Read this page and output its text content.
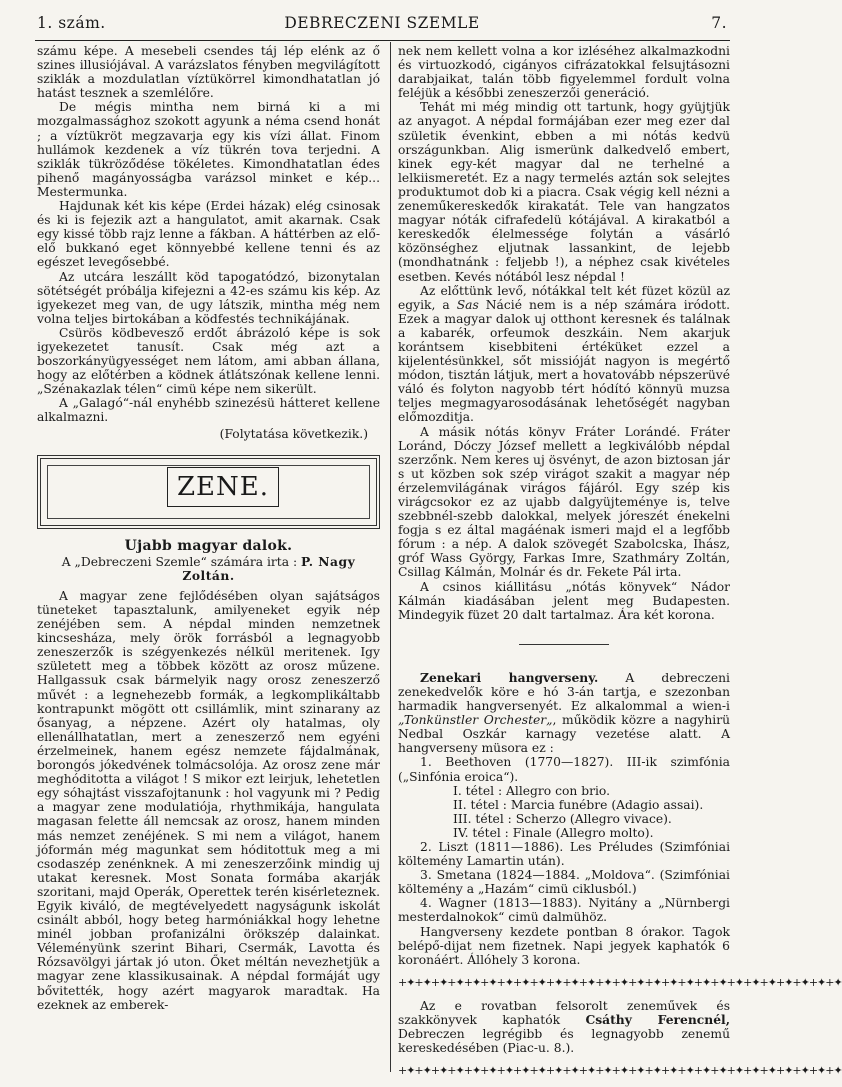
1. szám.	DEBRECZENI SZEMLE	7.

számu képe. A mesebeli csendes táj lép elénk az ő szines illusiójával. A varázslatos fényben megvilágított sziklák a mozdulatlan víztükörrel kimondhatatlan jó hatást tesznek a szemlélőre.

De mégis mintha nem birná ki a mi mozgalmassághoz szokott agyunk a néma csend honát ; a víztükröt megzavarja egy kis vízi állat. Finom hullámok kezdenek a víz tükrén tova terjedni. A sziklák tükröződése tökéletes. Kimondhatatlan édes pihenő magányosságba varázsol minket e kép... Mestermunka.

Hajdunak két kis képe (Erdei házak) elég csinosak és ki is fejezik azt a hangulatot, amit akarnak. Csak egy kissé több rajz lenne a fákban. A háttérben az elő-elő bukkanó eget könnyebbé kellene tenni és az egészet levegősebbé.

Az utcára leszállt köd tapogatódzó, bizonytalan sötétségét próbálja kifejezni a 42-es számu kis kép. Az igyekezet meg van, de ugy látszik, mintha még nem volna teljes birtokában a ködfestés technikájának.

Csürös ködbevesző erdőt ábrázoló képe is sok igyekezetet tanusít. Csak még azt a boszorkányügyességet nem látom, ami abban állana, hogy az előtérben a ködnek átlátszónak kellene lenni. „Szénakazlak télen“ cimü képe nem sikerült.

A „Galagó“-nál enyhébb szinezésü hátteret kellene alkalmazni.

(Folytatása következik.)

ZENE.

Ujabb magyar dalok.

A „Debreczeni Szemle“ számára irta : P. Nagy Zoltán.

A magyar zene fejlődésében olyan sajátságos tüneteket tapasztalunk, amilyeneket egyik nép zenéjében sem. A népdal minden nemzetnek kincsesháza, mely örök forrásból a legnagyobb zeneszerzők is szégyenkezés nélkül meritenek. Igy született meg a többek között az orosz műzene. Hallgassuk csak bármelyik nagy orosz zeneszerző művét : a legnehezebb formák, a legkomplikáltabb kontrapunkt mögött ott csillámlik, mint szinarany az ősanyag, a népzene. Azért oly hatalmas, oly ellenállhatatlan, mert a zeneszerző nem egyéni érzelmeinek, hanem egész nemzete fájdalmának, borongós jókedvének tolmácsolója. Az orosz zene már meghóditotta a világot ! S mikor ezt leirjuk, lehetetlen egy sóhajtást visszafojtanunk : hol vagyunk mi ? Pedig a magyar zene modulatiója, rhythmikája, hangulata magasan felette áll nemcsak az orosz, hanem minden más nemzet zenéjének. S mi nem a világot, hanem jóformán még magunkat sem hóditottuk meg a mi csodaszép zenénknek. A mi zeneszerzőink mindig uj utakat keresnek. Most Sonata formába akarják szoritani, majd Operák, Operettek terén kisérleteznek. Egyik kiváló, de megtévelyedett nagyságunk iskolát csinált abból, hogy beteg harmóniákkal hogy lehetne minél jobban profanizálni örökszép dalainkat. Véleményünk szerint Bihari, Csermák, Lavotta és Rózsavölgyi jártak jó uton. Őket méltán nevezhetjük a magyar zene klassikusainak. A népdal formáját ugy bővitették, hogy azért magyarok maradtak. Ha ezeknek az emberek-

nek nem kellett volna a kor izléséhez alkalmazkodni és virtuozkodó, cigányos cifrázatokkal felsujtásozni darabjaikat, talán több figyelemmel fordult volna feléjük a későbbi zeneszerzői generáció.

Tehát mi még mindig ott tartunk, hogy gyüjtjük az anyagot. A népdal formájában ezer meg ezer dal születik évenkint, ebben a mi nótás kedvü országunkban. Alig ismerünk dalkedvelő embert, kinek egy-két magyar dal ne terhelné a lelkiismeretét. Ez a nagy termelés aztán sok selejtes produktumot dob ki a piacra. Csak végig kell nézni a zeneműkereskedők kirakatát. Tele van hangzatos magyar nóták cifrafedelü kótájával. A kirakatból a kereskedők élelmessége folytán a vásárló közönséghez eljutnak lassankint, de lejebb (mondhatnánk : feljebb !), a néphez csak kivételes esetben. Kevés nótából lesz népdal !

Az előttünk levő, nótákkal telt két füzet közül az egyik, a Sas Nácié nem is a nép számára iródott. Ezek a magyar dalok uj otthont keresnek és találnak a kabarék, orfeumok deszkáin. Nem akarjuk korántsem kisebbiteni értéküket ezzel a kijelentésünkkel, sőt missióját nagyon is megértő módon, tisztán látjuk, mert a hovatovább népszerüvé váló és folyton nagyobb tért hódító könnyü muzsa teljes megmagyarosodásának lehetőségét nagyban előmozditja.

A másik nótás könyv Fráter Lorándé. Fráter Loránd, Dóczy József mellett a legkiválóbb népdal szerzőnk. Nem keres uj ösvényt, de azon biztosan jár s ut közben sok szép virágot szakit a magyar nép érzelemvilágának virágos fájáról. Egy szép kis virágcsokor ez az ujabb dalgyüjteménye is, telve szebbnél-szebb dalokkal, melyek jóreszét énekelni fogja s ez által magáénak ismeri majd el a legfőbb fórum : a nép. A dalok szövegét Szabolcska, Ihász, gróf Wass György, Farkas Imre, Szathmáry Zoltán, Csillag Kálmán, Molnár és dr. Fekete Pál irta.

A csinos kiállitásu „nótás könyvek“ Nádor Kálmán kiadásában jelent meg Budapesten. Mindegyik füzet 20 dalt tartalmaz. Ára két korona.

Zenekari hangverseny. A debreczeni zenekedvelők köre e hó 3-án tartja, e szezonban harmadik hangversenyét. Ez alkalommal a wien-i „Tonkünstler Orchester„, működik közre a nagyhirü Nedbal Oszkár karnagy vezetése alatt. A hangverseny müsora ez :

1. Beethoven (1770—1827). III-ik szimfónia („Sinfónia eroica“).

I. tétel : Allegro con brio.
II. tétel : Marcia funébre (Adagio assai).
III. tétel : Scherzo (Allegro vivace).
IV. tétel : Finale (Allegro molto).

2. Liszt (1811—1886). Les Préludes (Szimfóniai költemény Lamartin után).

3. Smetana (1824—1884. „Moldova“. (Szimfóniai költemény a „Hazám“ cimü ciklusból.)

4. Wagner (1813—1883). Nyitány a „Nürnbergi mesterdalnokok“ cimü dalmühöz.

Hangverseny kezdete pontban 8 órakor. Tagok belépő-dijat nem fizetnek. Napi jegyek kaphatók 6 koronáért. Állóhely 3 korona.

+✦+✦+✦+✦+✦+✦+✦+✦+✦+✦+✦+✦+✦+✦+✦+✦+✦+✦+✦+✦+✦+✦+✦+✦+✦+✦+✦

Az e rovatban felsorolt zeneművek és szakkönyvek kaphatók Csáthy Ferencnél, Debreczen legrégibb és legnagyobb zenemű kereskedésében (Piac-u. 8.).

+✦+✦+✦+✦+✦+✦+✦+✦+✦+✦+✦+✦+✦+✦+✦+✦+✦+✦+✦+✦+✦+✦+✦+✦+✦+✦+✦
